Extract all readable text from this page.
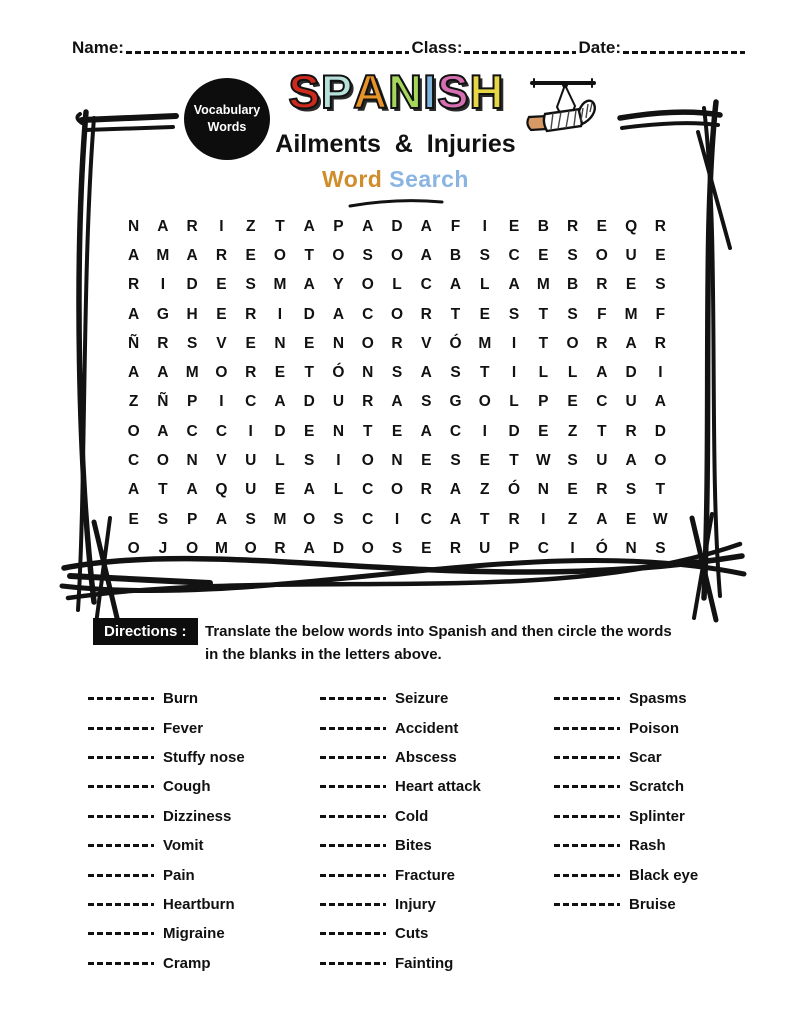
Name:	Class:	Date:
Vocabulary
Words
SPANISH
Ailments & Injuries
Word Search
N	A	R	I	Z	T	A	P	A	D	A	F	I	E	B	R	E	Q	R
A	M	A	R	E	O	T	O	S	O	A	B	S	C	E	S	O	U	E
R	I	D	E	S	M	A	Y	O	L	C	A	L	A	M	B	R	E	S
A	G	H	E	R	I	D	A	C	O	R	T	E	S	T	S	F	M	F
Ñ	R	S	V	E	N	E	N	O	R	V	Ó	M	I	T	O	R	A	R
A	A	M	O	R	E	T	Ó	N	S	A	S	T	I	L	L	A	D	I
Z	Ñ	P	I	C	A	D	U	R	A	S	G	O	L	P	E	C	U	A
O	A	C	C	I	D	E	N	T	E	A	C	I	D	E	Z	T	R	D
C	O	N	V	U	L	S	I	O	N	E	S	E	T	W	S	U	A	O
A	T	A	Q	U	E	A	L	C	O	R	A	Z	Ó	N	E	R	S	T
E	S	P	A	S	M	O	S	C	I	C	A	T	R	I	Z	A	E	W
O	J	O	M	O	R	A	D	O	S	E	R	U	P	C	I	Ó	N	S
Directions :	Translate the below words into Spanish and then circle the words in the blanks in the letters above.
Burn
Fever
Stuffy nose
Cough
Dizziness
Vomit
Pain
Heartburn
Migraine
Cramp
Seizure
Accident
Abscess
Heart attack
Cold
Bites
Fracture
Injury
Cuts
Fainting
Spasms
Poison
Scar
Scratch
Splinter
Rash
Black eye
Bruise
